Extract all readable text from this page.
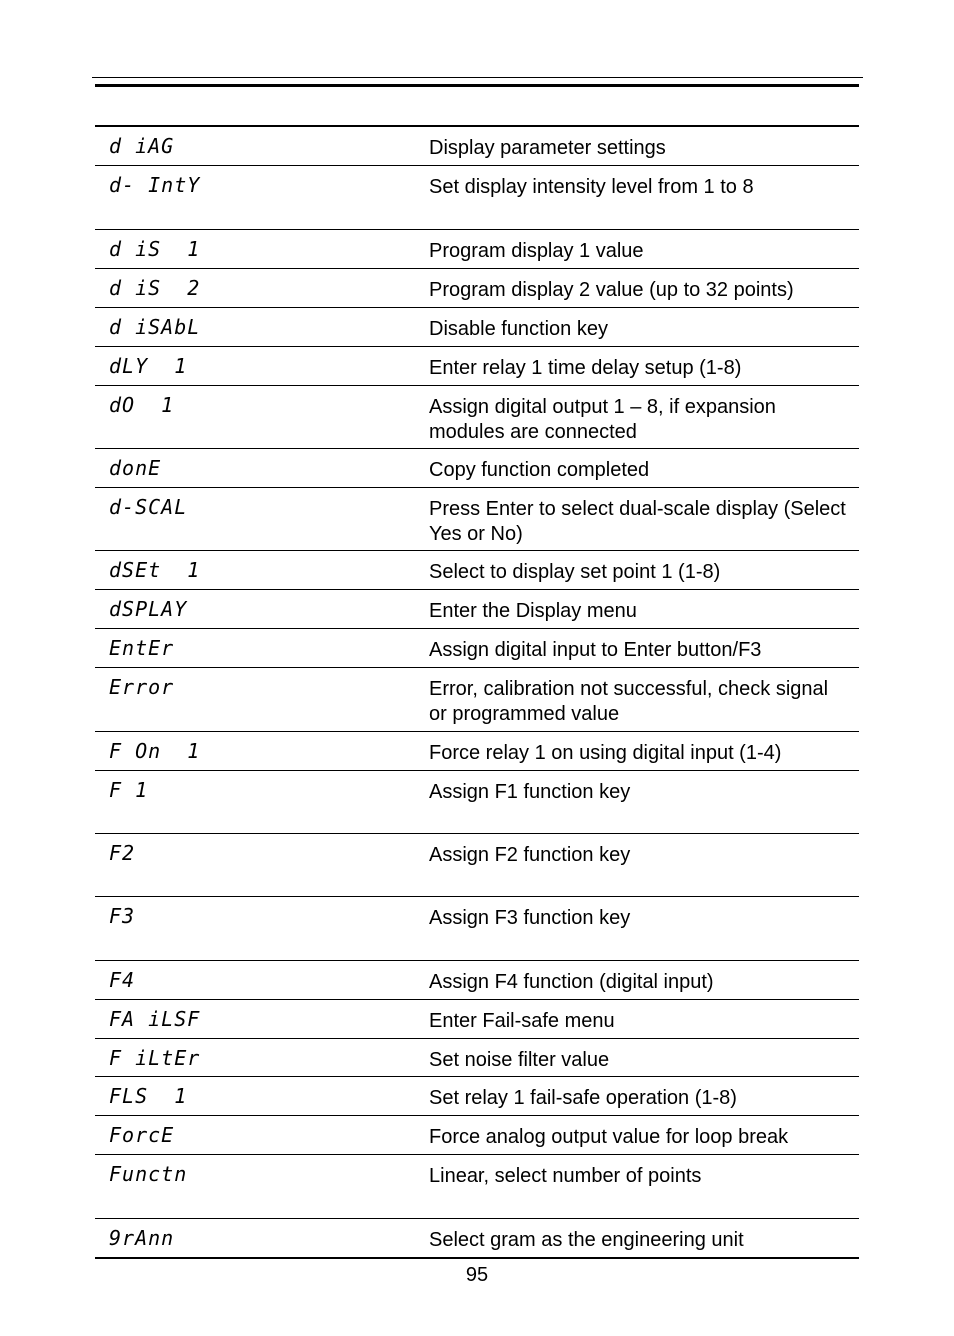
d iAG	Display parameter settings
d- IntY	Set display intensity level from 1 to 8
d iS  1	Program display 1 value
d iS  2	Program display 2 value (up to 32 points)
d iSAbL	Disable function key
dLY  1	Enter relay 1 time delay setup (1-8)
dO  1	Assign digital output 1 – 8, if expansion modules are connected
donE	Copy function completed
d-SCAL	Press Enter to select dual-scale display (Select Yes or No)
dSEt  1	Select to display set point 1 (1-8)
dSPLAY	Enter the Display menu
EntEr	Assign digital input to Enter button/F3
Error	Error, calibration not successful, check signal or programmed value
F On  1	Force relay 1 on using digital input (1-4)
F 1	Assign F1 function key
F2	Assign F2 function key
F3	Assign F3 function key
F4	Assign F4 function (digital input)
FA iLSF	Enter Fail-safe menu
F iLtEr	Set noise filter value
FLS  1	Set relay 1 fail-safe operation (1-8)
ForcE	Force analog output value for loop break
Functn	Linear, select number of points
9rAnn	Select gram as the engineering unit
95
